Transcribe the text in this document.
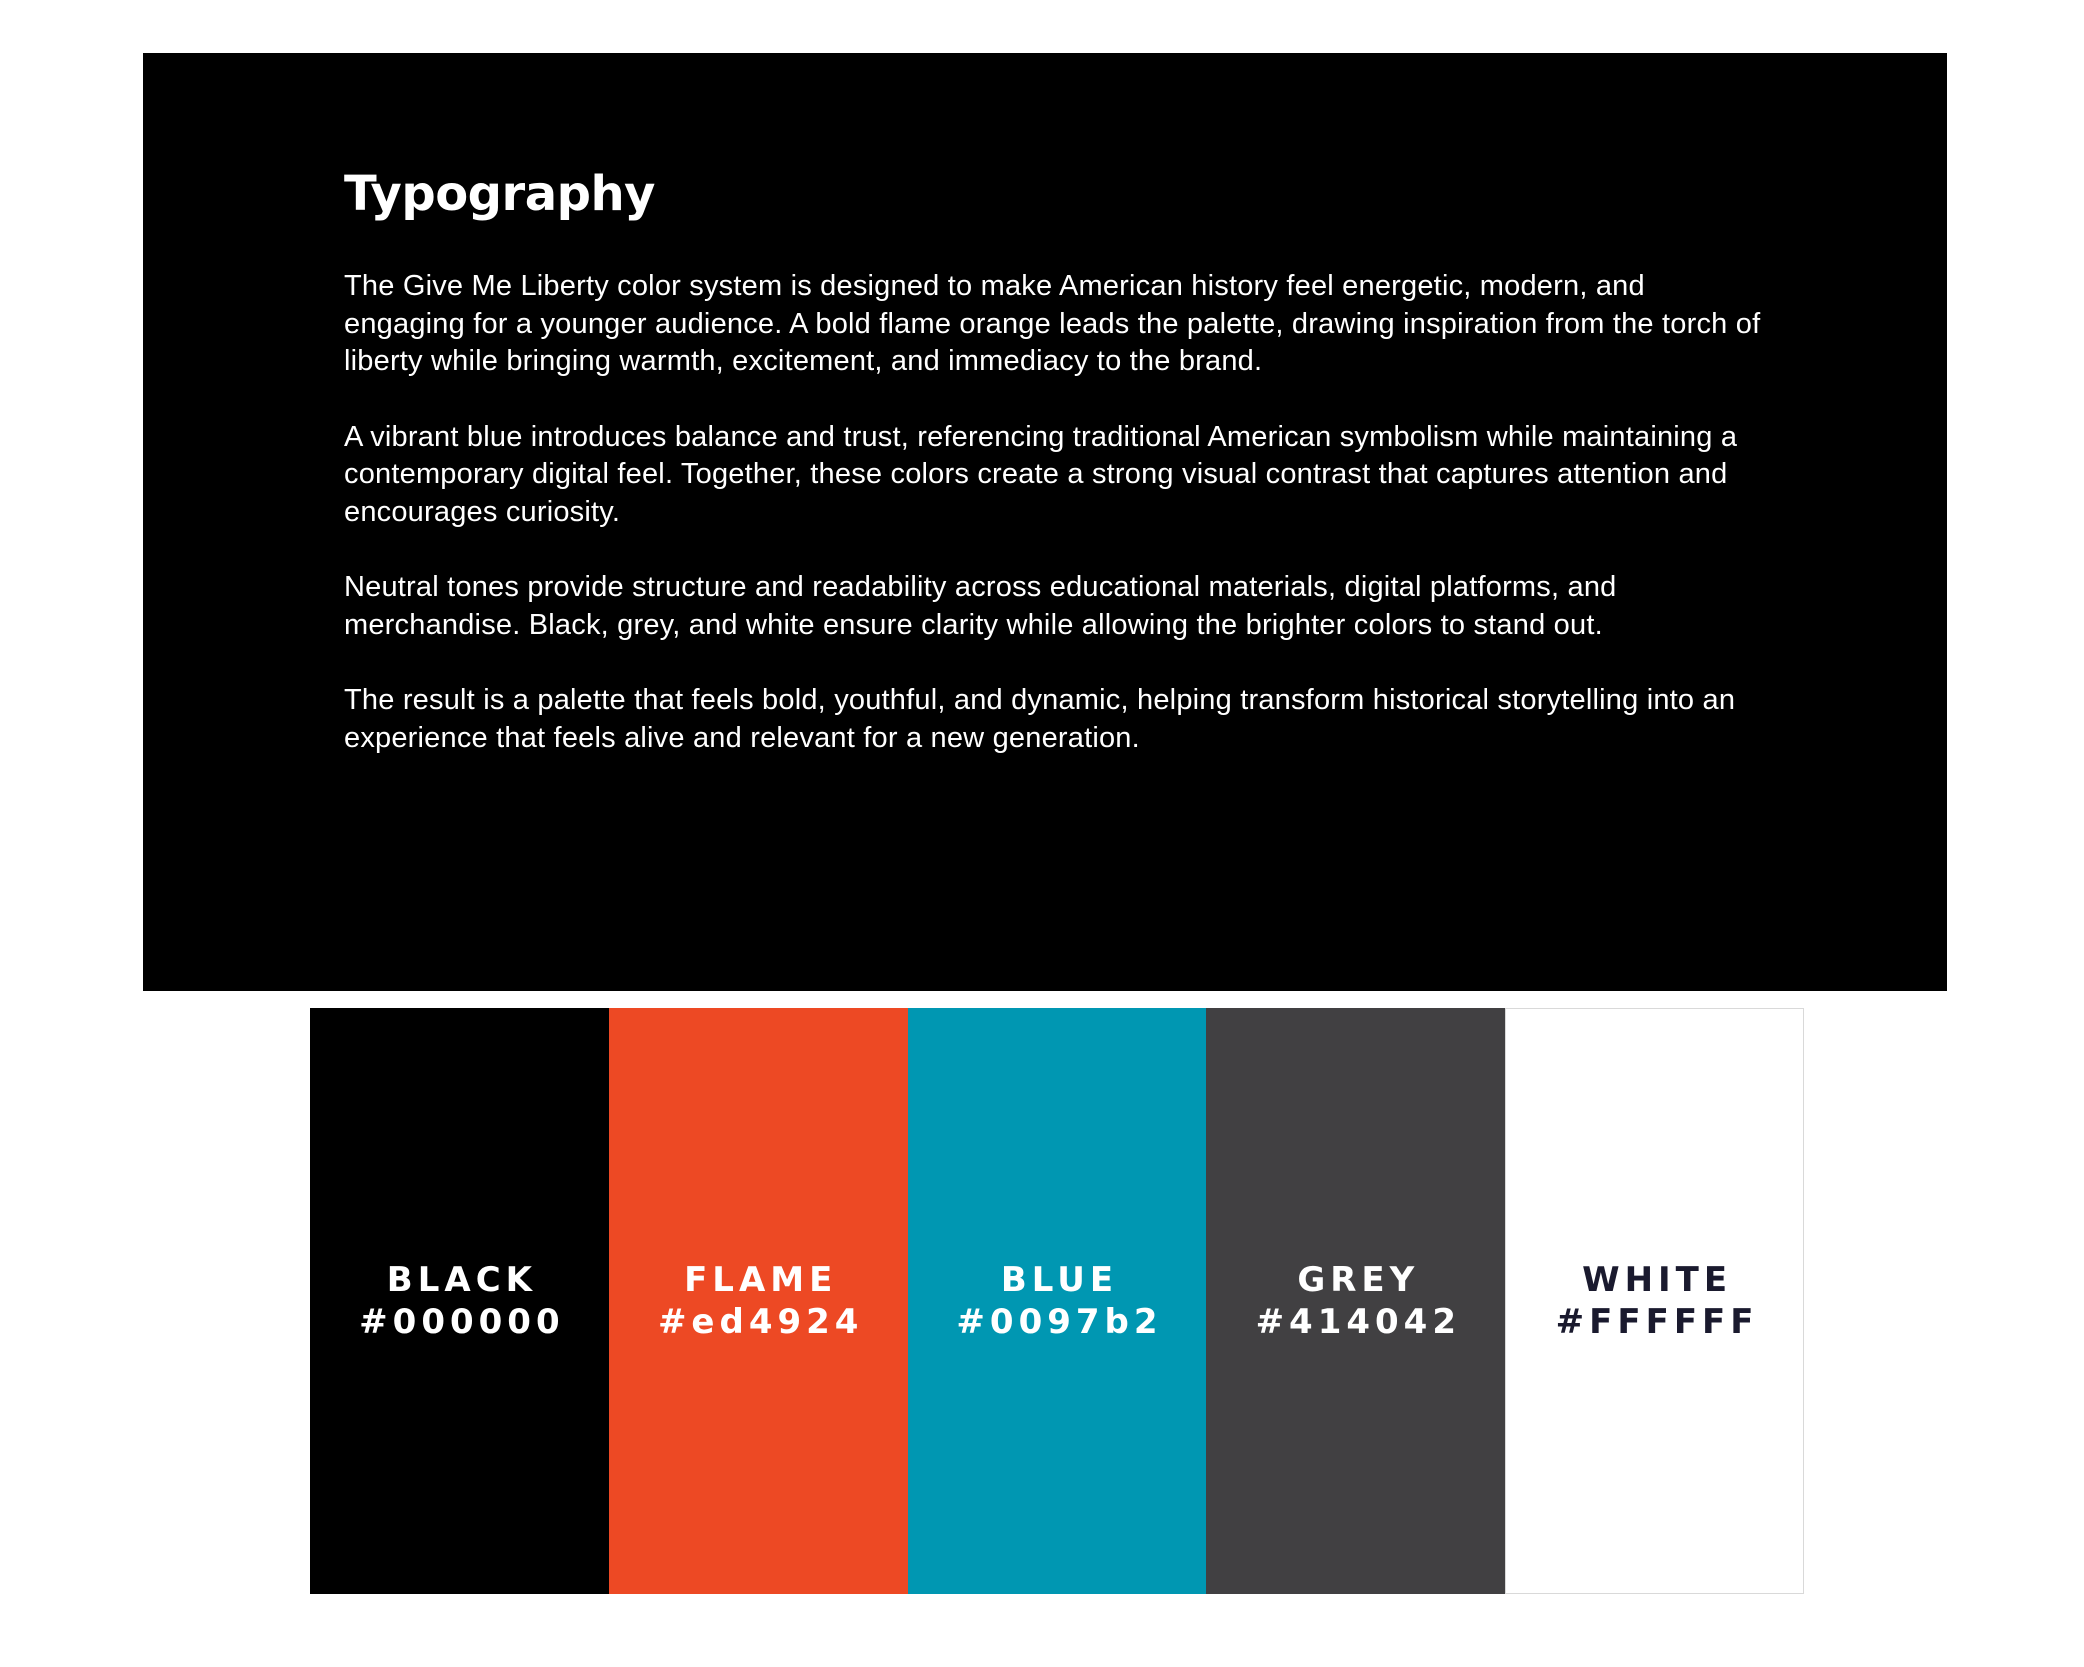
Typography

The Give Me Liberty color system is designed to make American history feel energetic, modern, and engaging for a younger audience. A bold flame orange leads the palette, drawing inspiration from the torch of liberty while bringing warmth, excitement, and immediacy to the brand.

A vibrant blue introduces balance and trust, referencing traditional American symbolism while maintaining a contemporary digital feel. Together, these colors create a strong visual contrast that captures attention and encourages curiosity.

Neutral tones provide structure and readability across educational materials, digital platforms, and merchandise. Black, grey, and white ensure clarity while allowing the brighter colors to stand out.

The result is a palette that feels bold, youthful, and dynamic, helping transform historical storytelling into an experience that feels alive and relevant for a new generation.

BLACK
#000000
FLAME
#ed4924
BLUE
#0097b2
GREY
#414042
WHITE
#FFFFFF
